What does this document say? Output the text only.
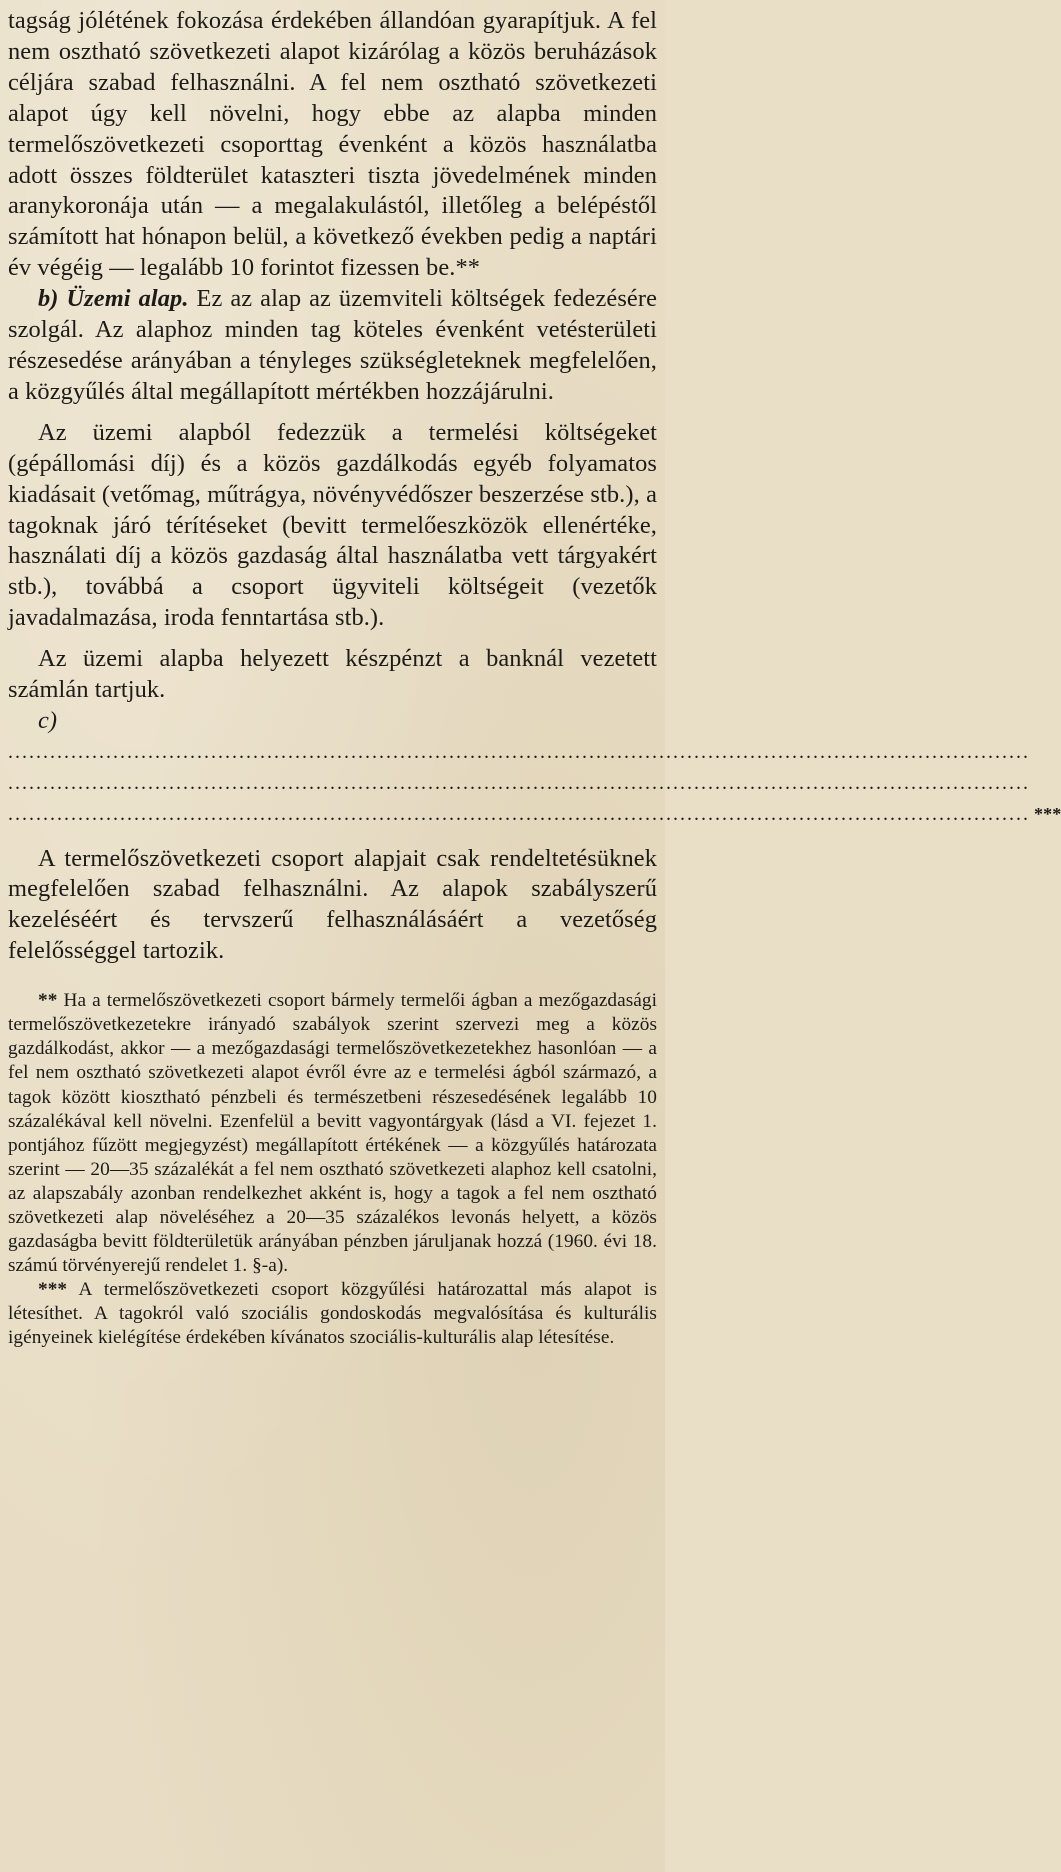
tagság jólétének fokozása érdekében állandóan gyarapítjuk. A fel nem osztható szövetkezeti alapot kizárólag a közös beruházások céljára szabad felhasználni. A fel nem osztható szövetkezeti alapot úgy kell növelni, hogy ebbe az alapba minden termelőszövetkezeti csoporttag évenként a közös használatba adott összes földterület kataszteri tiszta jövedelmének minden aranykoronája után — a megalakulástól, illetőleg a belépéstől számított hat hónapon belül, a következő években pedig a naptári év végéig — legalább 10 forintot fizessen be.**

b) Üzemi alap. Ez az alap az üzemviteli költségek fedezésére szolgál. Az alaphoz minden tag köteles évenként vetésterületi részesedése arányában a tényleges szükségleteknek megfelelően, a közgyűlés által megállapított mértékben hozzájárulni.

Az üzemi alapból fedezzük a termelési költségeket (gépállomási díj) és a közös gazdálkodás egyéb folyamatos kiadásait (vetőmag, műtrágya, növényvédőszer beszerzése stb.), a tagoknak járó térítéseket (bevitt termelőeszközök ellenértéke, használati díj a közös gazdaság által használatba vett tárgyakért stb.), továbbá a csoport ügyviteli költségeit (vezetők javadalmazása, iroda fenntartása stb.).

Az üzemi alapba helyezett készpénzt a banknál vezetett számlán tartjuk.

c)

..................................................................................................................................................
..................................................................................................................................................
.................................................................................................................................................. ***

A termelőszövetkezeti csoport alapjait csak rendeltetésüknek megfelelően szabad felhasználni. Az alapok szabályszerű kezeléséért és tervszerű felhasználásáért a vezetőség felelősséggel tartozik.

** Ha a termelőszövetkezeti csoport bármely termelői ágban a mezőgazdasági termelőszövetkezetekre irányadó szabályok szerint szervezi meg a közös gazdálkodást, akkor — a mezőgazdasági termelőszövetkezetekhez hasonlóan — a fel nem osztható szövetkezeti alapot évről évre az e termelési ágból származó, a tagok között kiosztható pénzbeli és természetbeni részesedésének legalább 10 százalékával kell növelni. Ezenfelül a bevitt vagyontárgyak (lásd a VI. fejezet 1. pontjához fűzött megjegyzést) megállapított értékének — a közgyűlés határozata szerint — 20—35 százalékát a fel nem osztható szövetkezeti alaphoz kell csatolni, az alapszabály azonban rendelkezhet akként is, hogy a tagok a fel nem osztható szövetkezeti alap növeléséhez a 20—35 százalékos levonás helyett, a közös gazdaságba bevitt földterületük arányában pénzben járuljanak hozzá (1960. évi 18. számú törvényerejű rendelet 1. §-a).

*** A termelőszövetkezeti csoport közgyűlési határozattal más alapot is létesíthet. A tagokról való szociális gondoskodás megvalósítása és kulturális igényeinek kielégítése érdekében kívánatos szociális-kulturális alap létesítése.
